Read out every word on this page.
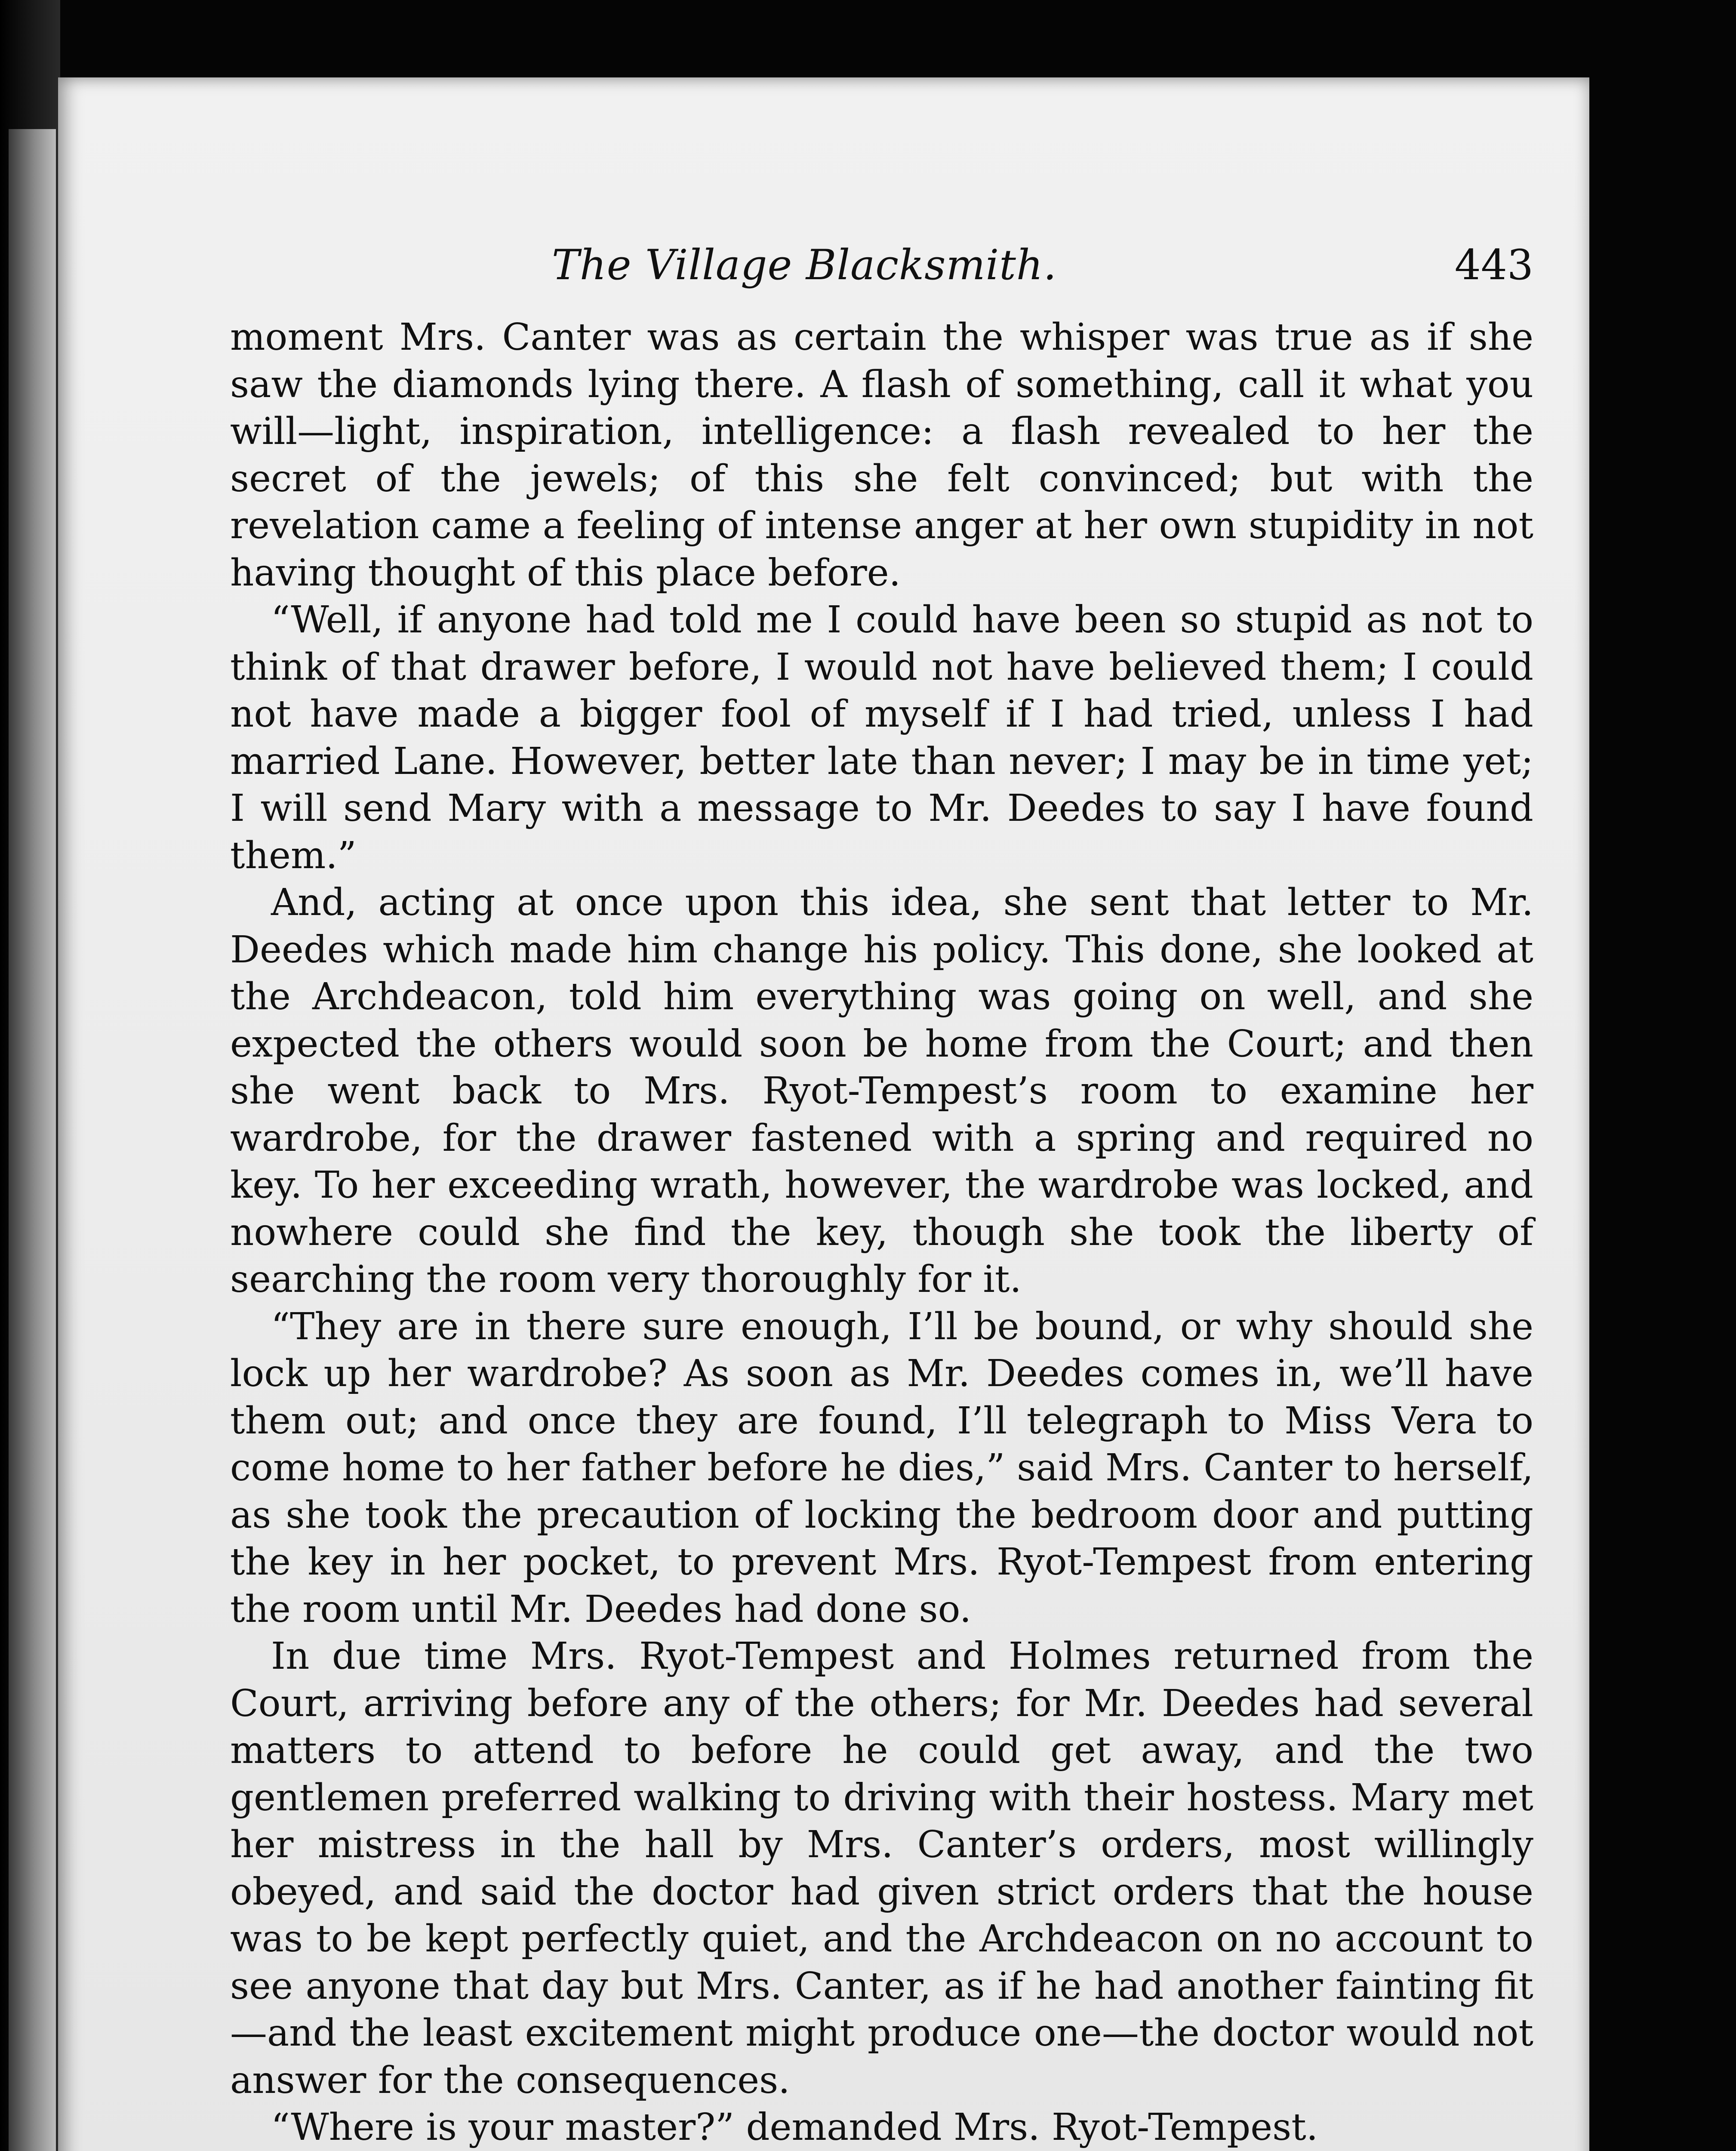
The Village Blacksmith.	443

moment Mrs. Canter was as certain the whisper was true as if she saw the diamonds lying there. A flash of something, call it what you will—light, inspiration, intelligence: a flash revealed to her the secret of the jewels; of this she felt convinced; but with the revelation came a feeling of intense anger at her own stupidity in not having thought of this place before.

“Well, if anyone had told me I could have been so stupid as not to think of that drawer before, I would not have believed them; I could not have made a bigger fool of myself if I had tried, unless I had married Lane. However, better late than never; I may be in time yet; I will send Mary with a message to Mr. Deedes to say I have found them.”

And, acting at once upon this idea, she sent that letter to Mr. Deedes which made him change his policy. This done, she looked at the Archdeacon, told him everything was going on well, and she expected the others would soon be home from the Court; and then she went back to Mrs. Ryot-Tempest’s room to examine her wardrobe, for the drawer fastened with a spring and required no key. To her exceeding wrath, however, the wardrobe was locked, and nowhere could she find the key, though she took the liberty of searching the room very thoroughly for it.

“They are in there sure enough, I’ll be bound, or why should she lock up her wardrobe? As soon as Mr. Deedes comes in, we’ll have them out; and once they are found, I’ll telegraph to Miss Vera to come home to her father before he dies,” said Mrs. Canter to herself, as she took the precaution of locking the bedroom door and putting the key in her pocket, to prevent Mrs. Ryot-Tempest from entering the room until Mr. Deedes had done so.

In due time Mrs. Ryot-Tempest and Holmes returned from the Court, arriving before any of the others; for Mr. Deedes had several matters to attend to before he could get away, and the two gentlemen preferred walking to driving with their hostess. Mary met her mistress in the hall by Mrs. Canter’s orders, most willingly obeyed, and said the doctor had given strict orders that the house was to be kept perfectly quiet, and the Archdeacon on no account to see anyone that day but Mrs. Canter, as if he had another fainting fit—and the least excitement might produce one—the doctor would not answer for the consequences.

“Where is your master?” demanded Mrs. Ryot-Tempest.
